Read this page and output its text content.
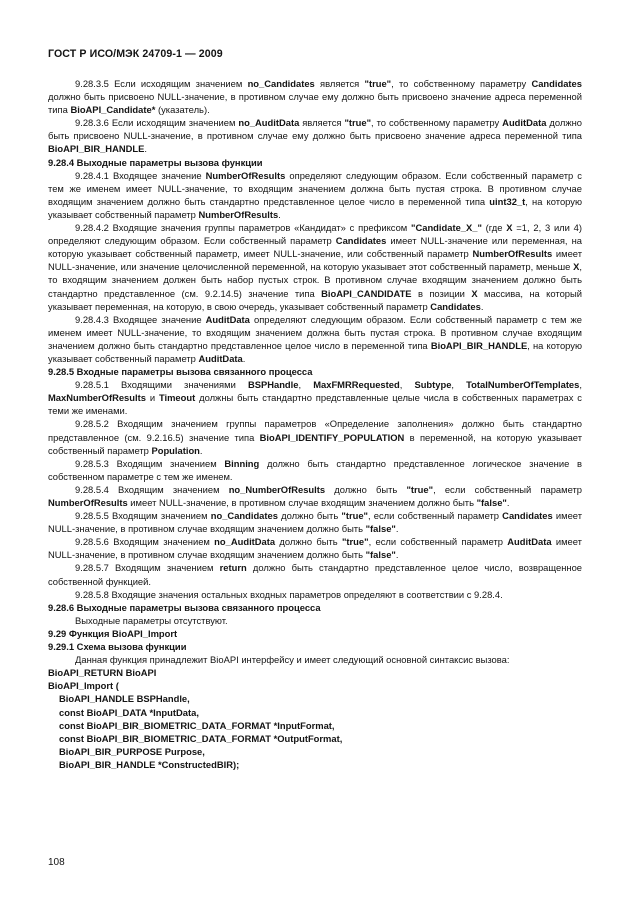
ГОСТ Р ИСО/МЭК 24709-1 — 2009

9.28.3.5 Если исходящим значением no_Candidates является "true", то собственному параметру Candidates должно быть присвоено NULL-значение, в противном случае ему должно быть присвоено значение адреса переменной типа BioAPI_Candidate* (указатель).

9.28.3.6 Если исходящим значением no_AuditData является "true", то собственному параметру AuditData должно быть присвоено NULL-значение, в противном случае ему должно быть присвоено значение адреса переменной типа BioAPI_BIR_HANDLE.

9.28.4 Выходные параметры вызова функции

9.28.4.1 Входящее значение NumberOfResults определяют следующим образом. Если собственный параметр с тем же именем имеет NULL-значение, то входящим значением должна быть пустая строка. В противном случае входящим значением должно быть стандартно представленное целое число в переменной типа uint32_t, на которую указывает собственный параметр NumberOfResults.

9.28.4.2 Входящие значения группы параметров «Кандидат» с префиксом "Candidate_X_" (где X =1, 2, 3 или 4) определяют следующим образом. Если собственный параметр Candidates имеет NULL-значение или переменная, на которую указывает собственный параметр, имеет NULL-значение, или собственный параметр NumberOfResults имеет NULL-значение, или значение целочисленной переменной, на которую указывает этот собственный параметр, меньше X, то входящим значением должен быть набор пустых строк. В противном случае входящим значением должно быть стандартно представленное (см. 9.2.14.5) значение типа BioAPI_CANDIDATE в позиции X массива, на который указывает переменная, на которую, в свою очередь, указывает собственный параметр Candidates.

9.28.4.3 Входящее значение AuditData определяют следующим образом. Если собственный параметр с тем же именем имеет NULL-значение, то входящим значением должна быть пустая строка. В противном случае входящим значением должно быть стандартно представленное целое число в переменной типа BioAPI_BIR_HANDLE, на которую указывает собственный параметр AuditData.

9.28.5 Входные параметры вызова связанного процесса

9.28.5.1 Входящими значениями BSPHandle, MaxFMRRequested, Subtype, TotalNumberOfTemplates, MaxNumberOfResults и Timeout должны быть стандартно представленные целые числа в собственных параметрах с теми же именами.

9.28.5.2 Входящим значением группы параметров «Определение заполнения» должно быть стандартно представленное (см. 9.2.16.5) значение типа BioAPI_IDENTIFY_POPULATION в переменной, на которую указывает собственный параметр Population.

9.28.5.3 Входящим значением Binning должно быть стандартно представленное логическое значение в собственном параметре с тем же именем.

9.28.5.4 Входящим значением no_NumberOfResults должно быть "true", если собственный параметр NumberOfResults имеет NULL-значение, в противном случае входящим значением должно быть "false".

9.28.5.5 Входящим значением no_Candidates должно быть "true", если собственный параметр Candidates имеет NULL-значение, в противном случае входящим значением должно быть "false".

9.28.5.6 Входящим значением no_AuditData должно быть "true", если собственный параметр AuditData имеет NULL-значение, в противном случае входящим значением должно быть "false".

9.28.5.7 Входящим значением return должно быть стандартно представленное целое число, возвращенное собственной функцией.

9.28.5.8 Входящие значения остальных входных параметров определяют в соответствии с 9.28.4.

9.28.6 Выходные параметры вызова связанного процесса

Выходные параметры отсутствуют.

9.29 Функция BioAPI_Import

9.29.1 Схема вызова функции

Данная функция принадлежит BioAPI интерфейсу и имеет следующий основной синтаксис вызова:

BioAPI_RETURN BioAPI

BioAPI_Import (

BioAPI_HANDLE BSPHandle,

const BioAPI_DATA *InputData,

const BioAPI_BIR_BIOMETRIC_DATA_FORMAT *InputFormat,

const BioAPI_BIR_BIOMETRIC_DATA_FORMAT *OutputFormat,

BioAPI_BIR_PURPOSE Purpose,

BioAPI_BIR_HANDLE *ConstructedBIR);

108
